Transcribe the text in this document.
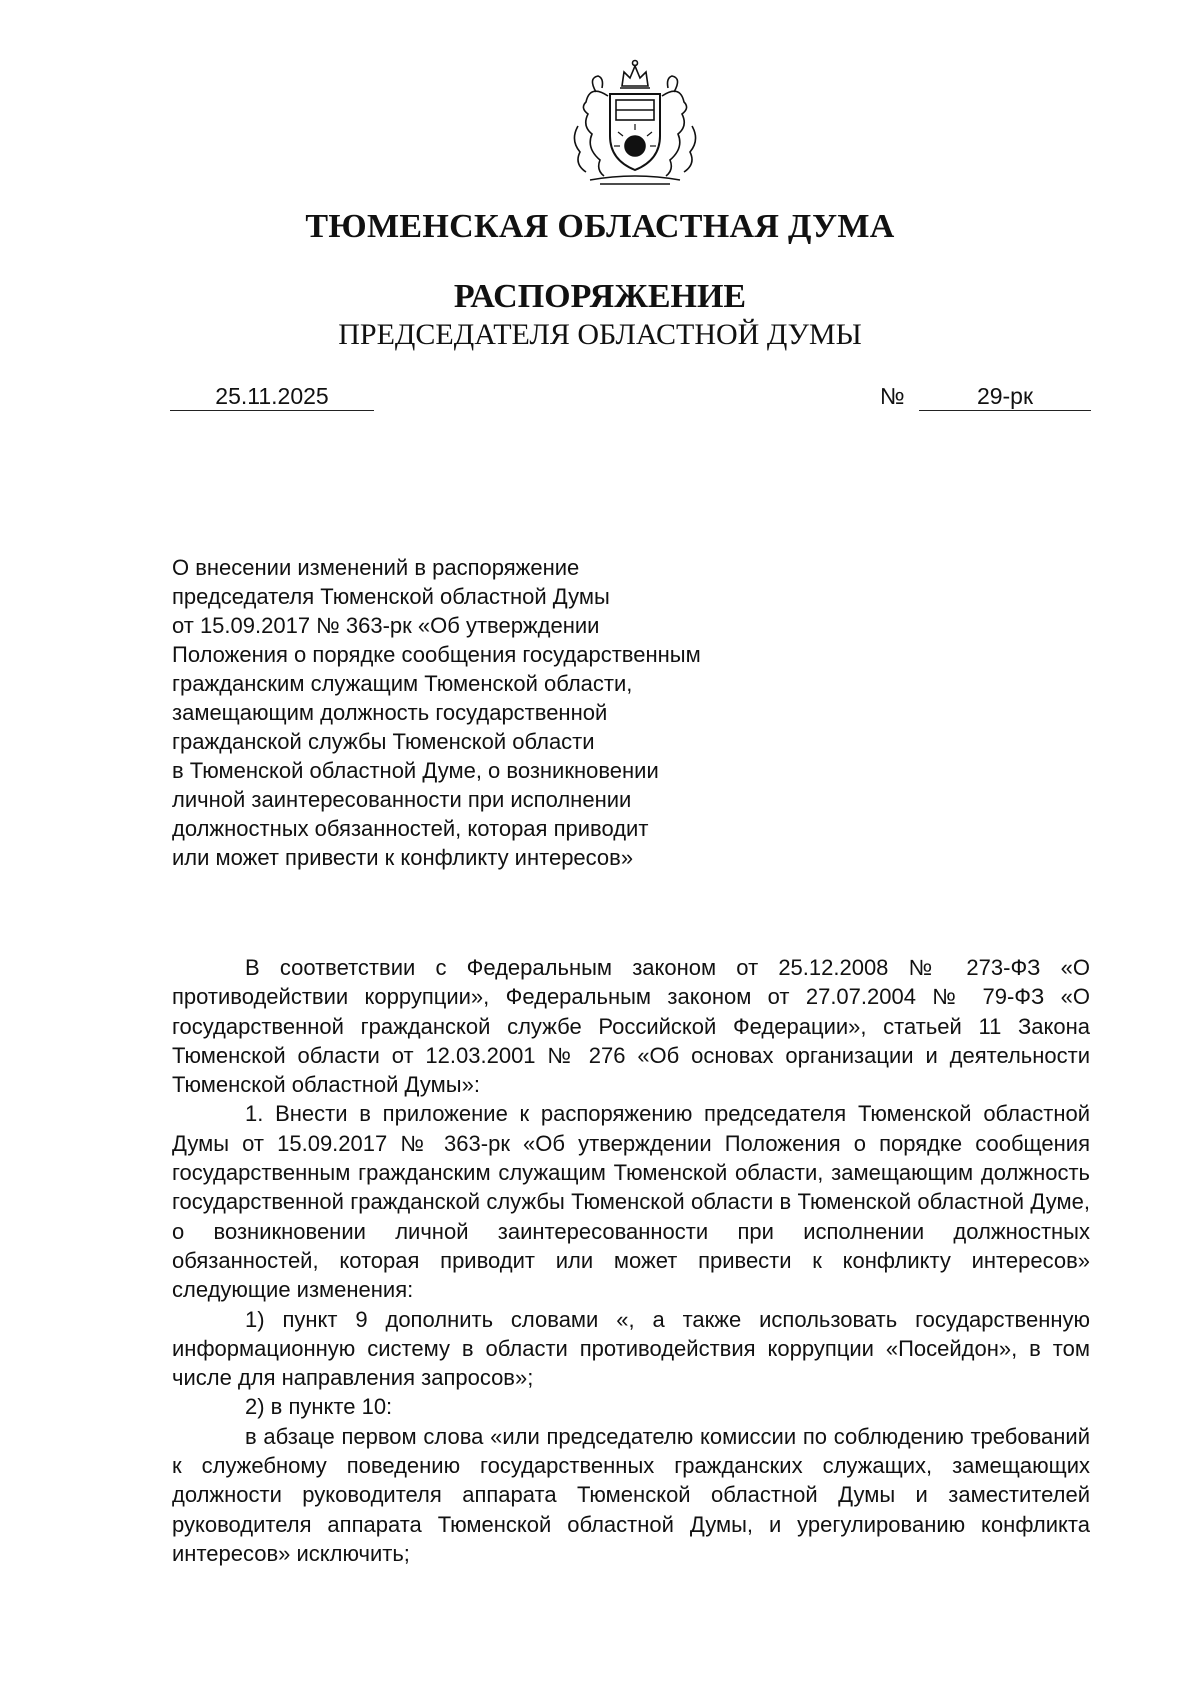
ТЮМЕНСКАЯ ОБЛАСТНАЯ ДУМА
РАСПОРЯЖЕНИЕ
ПРЕДСЕДАТЕЛЯ ОБЛАСТНОЙ ДУМЫ
25.11.2025	№	29-рк
О внесении изменений в распоряжение
председателя Тюменской областной Думы
от 15.09.2017 № 363-рк «Об утверждении
Положения о порядке сообщения государственным
гражданским служащим Тюменской области,
замещающим должность государственной
гражданской службы Тюменской области
в Тюменской областной Думе, о возникновении
личной заинтересованности при исполнении
должностных обязанностей, которая приводит
или может привести к конфликту интересов»

В соответствии с Федеральным законом от 25.12.2008 № 273-ФЗ «О противодействии коррупции», Федеральным законом от 27.07.2004 № 79-ФЗ «О государственной гражданской службе Российской Федерации», статьей 11 Закона Тюменской области от 12.03.2001 № 276 «Об основах организации и деятельности Тюменской областной Думы»:

1. Внести в приложение к распоряжению председателя Тюменской областной Думы от 15.09.2017 № 363-рк «Об утверждении Положения о порядке сообщения государственным гражданским служащим Тюменской области, замещающим должность государственной гражданской службы Тюменской области в Тюменской областной Думе, о возникновении личной заинтересованности при исполнении должностных обязанностей, которая приводит или может привести к конфликту интересов» следующие изменения:

1) пункт 9 дополнить словами «, а также использовать государственную информационную систему в области противодействия коррупции «Посейдон», в том числе для направления запросов»;

2) в пункте 10:

в абзаце первом слова «или председателю комиссии по соблюдению требований к служебному поведению государственных гражданских служащих, замещающих должности руководителя аппарата Тюменской областной Думы и заместителей руководителя аппарата Тюменской областной Думы, и урегулированию конфликта интересов» исключить;
